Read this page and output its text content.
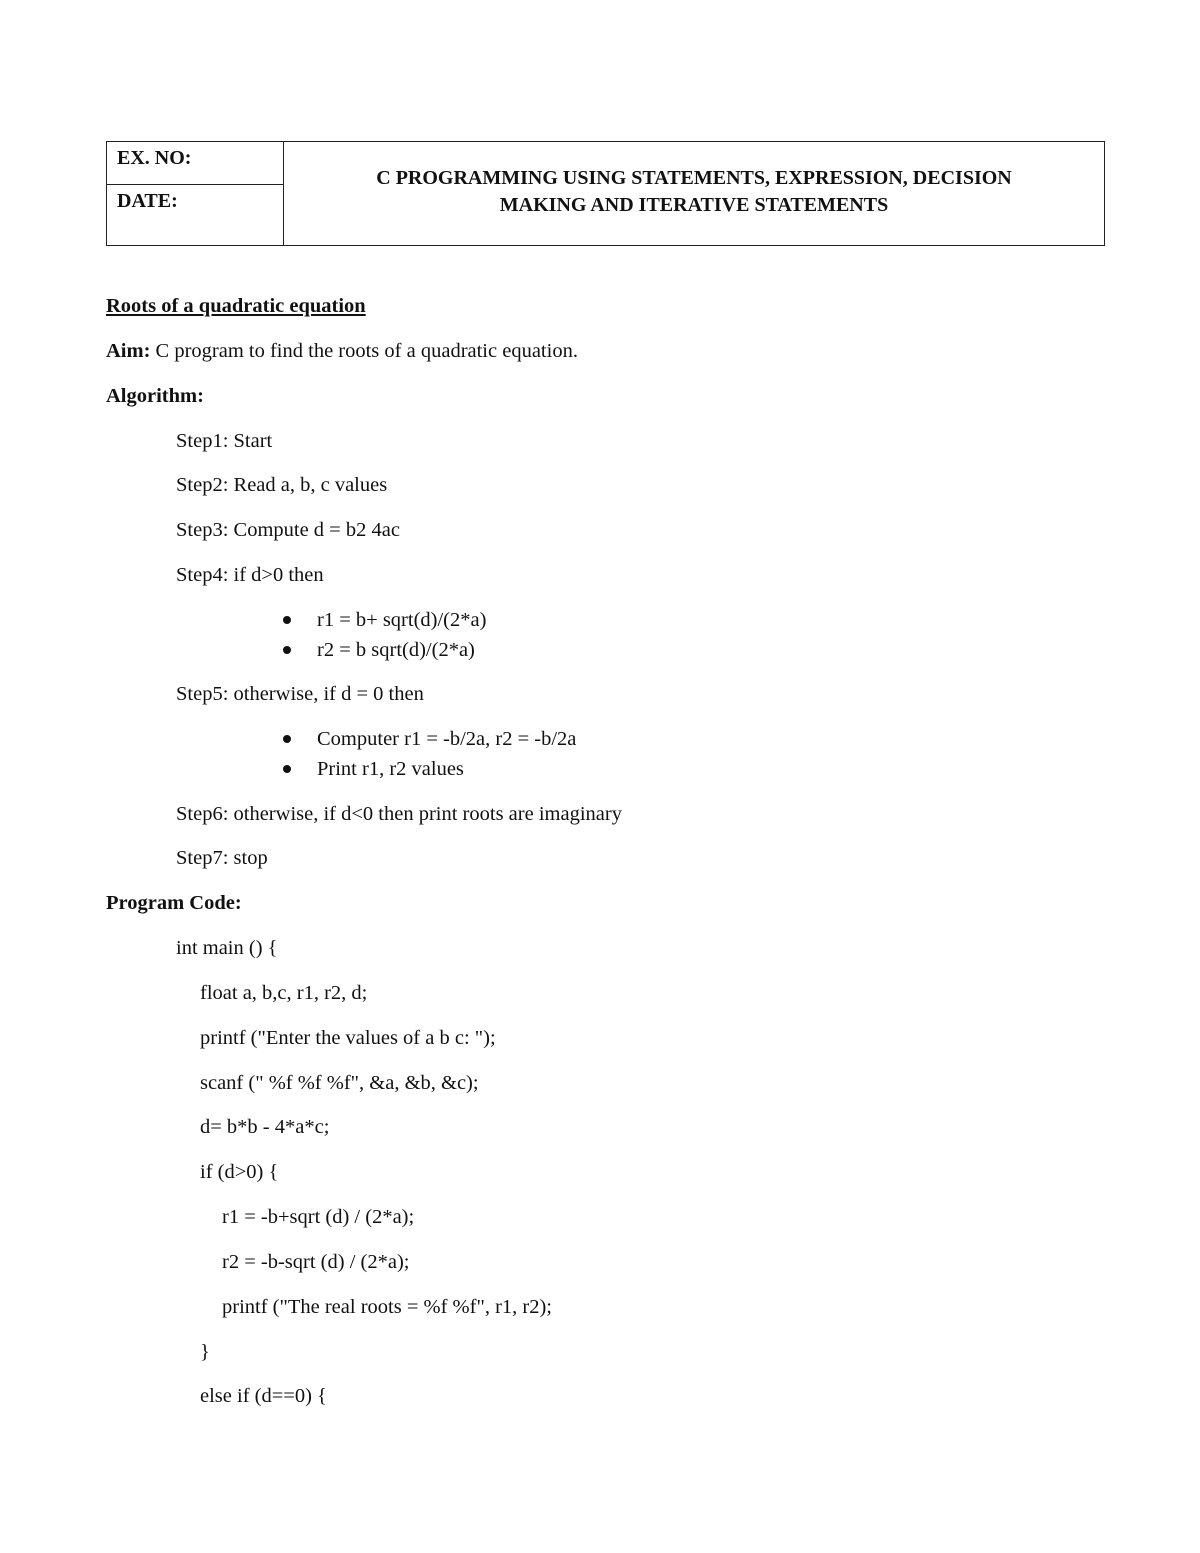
EX. NO:
DATE:
C PROGRAMMING USING STATEMENTS, EXPRESSION, DECISION
MAKING AND ITERATIVE STATEMENTS
Roots of a quadratic equation
Aim: C program to find the roots of a quadratic equation.
Algorithm:
Step1: Start
Step2: Read a, b, c values
Step3: Compute d = b2 4ac
Step4: if d>0 then
r1 = b+ sqrt(d)/(2*a)
r2 = b sqrt(d)/(2*a)
Step5: otherwise, if d = 0 then
Computer r1 = -b/2a, r2 = -b/2a
Print r1, r2 values
Step6: otherwise, if d<0 then print roots are imaginary
Step7: stop
Program Code:
int main () {
float a, b,c, r1, r2, d;
printf ("Enter the values of a b c: ");
scanf (" %f %f %f", &a, &b, &c);
d= b*b - 4*a*c;
if (d>0) {
r1 = -b+sqrt (d) / (2*a);
r2 = -b-sqrt (d) / (2*a);
printf ("The real roots = %f %f", r1, r2);
}
else if (d==0) {
